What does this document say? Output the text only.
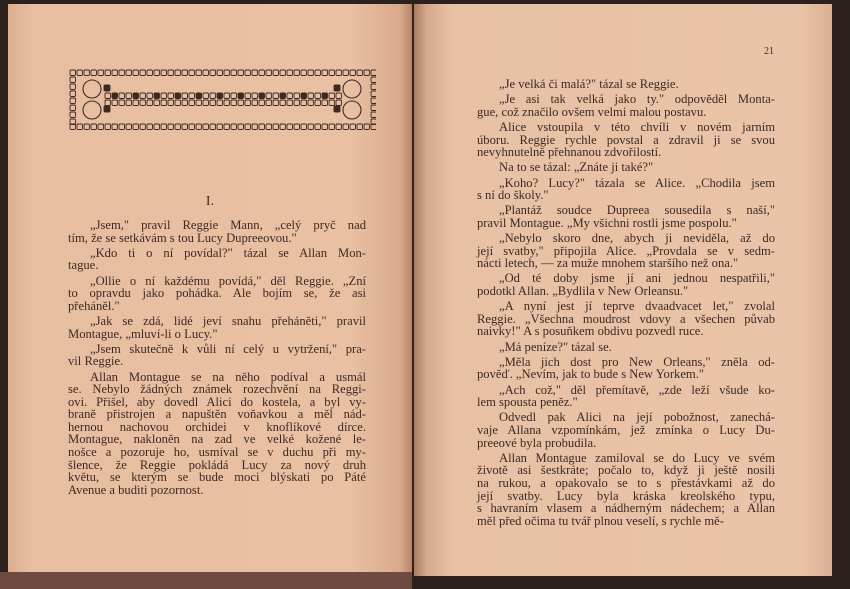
I.
„Jsem," pravil Reggie Mann, „celý pryč nad
tím, že se setkávám s tou Lucy Dupreeovou."
„Kdo ti o ní povídal?" tázal se Allan Mon-
tague.
„Ollie o ní každému povídá," děl Reggie. „Zní
to opravdu jako pohádka. Ale bojím se, že asi
přeháněl."
„Jak se zdá, lidé jeví snahu přeháněti," pravil
Montague, „mluví-li o Lucy."
„Jsem skutečně k vůli ní celý u vytržení," pra-
vil Reggie.
Allan Montague se na něho podíval a usmál
se. Nebylo žádných známek rozechvění na Reggi-
ovi. Přišel, aby dovedl Alici do kostela, a byl vy-
braně přistrojen a napuštěn voňavkou a měl nád-
hernou nachovou orchidei v knoflíkové dírce.
Montague, nakloněn na zad ve velké kožené le-
nošce a pozoruje ho, usmíval se v duchu při my-
šlence, že Reggie pokládá Lucy za nový druh
květu, se kterým se bude moci blýskati po Páté
Avenue a buditi pozornost.
21
„Je velká či malá?" tázal se Reggie.
„Je asi tak velká jako ty." odpověděl Monta-
gue, což značilo ovšem velmi malou postavu.
Alice vstoupila v této chvíli v novém jarním
úboru. Reggie rychle povstal a zdravil ji se svou
nevyhnutelně přehnanou zdvořilostí.
Na to se tázal: „Znáte ji také?"
„Koho? Lucy?" tázala se Alice. „Chodila jsem
s ní do školy."
„Plantáž soudce Dupreea sousedila s naší,"
pravil Montague. „My všichni rostli jsme pospolu."
„Nebylo skoro dne, abych ji neviděla, až do
její svatby," připojila Alice. „Provdala se v sedm-
nácti letech, — za muže mnohem staršího než ona."
„Od té doby jsme jí ani jednou nespatřili,"
podotkl Allan. „Bydlila v New Orleansu."
„A nyní jest jí teprve dvaadvacet let," zvolal
Reggie. „Všechna moudrost vdovy a všechen půvab
naivky!" A s posuňkem obdivu pozvedl ruce.
„Má peníze?" tázal se.
„Měla jich dost pro New Orleans," zněla od-
pověď. „Nevím, jak to bude s New Yorkem."
„Ach což," děl přemítavě, „zde leží všude ko-
lem spousta peněz."
Odvedl pak Alici na její pobožnost, zanechá-
vaje Allana vzpomínkám, jež zmínka o Lucy Du-
preeové byla probudila.
Allan Montague zamiloval se do Lucy ve svém
životě asi šestkráte; počalo to, když ji ještě nosili
na rukou, a opakovalo se to s přestávkami až do
její svatby. Lucy byla kráska kreolského typu,
s havraním vlasem a nádherným nádechem; a Allan
měl před očima tu tvář plnou veselí, s rychle mě-
